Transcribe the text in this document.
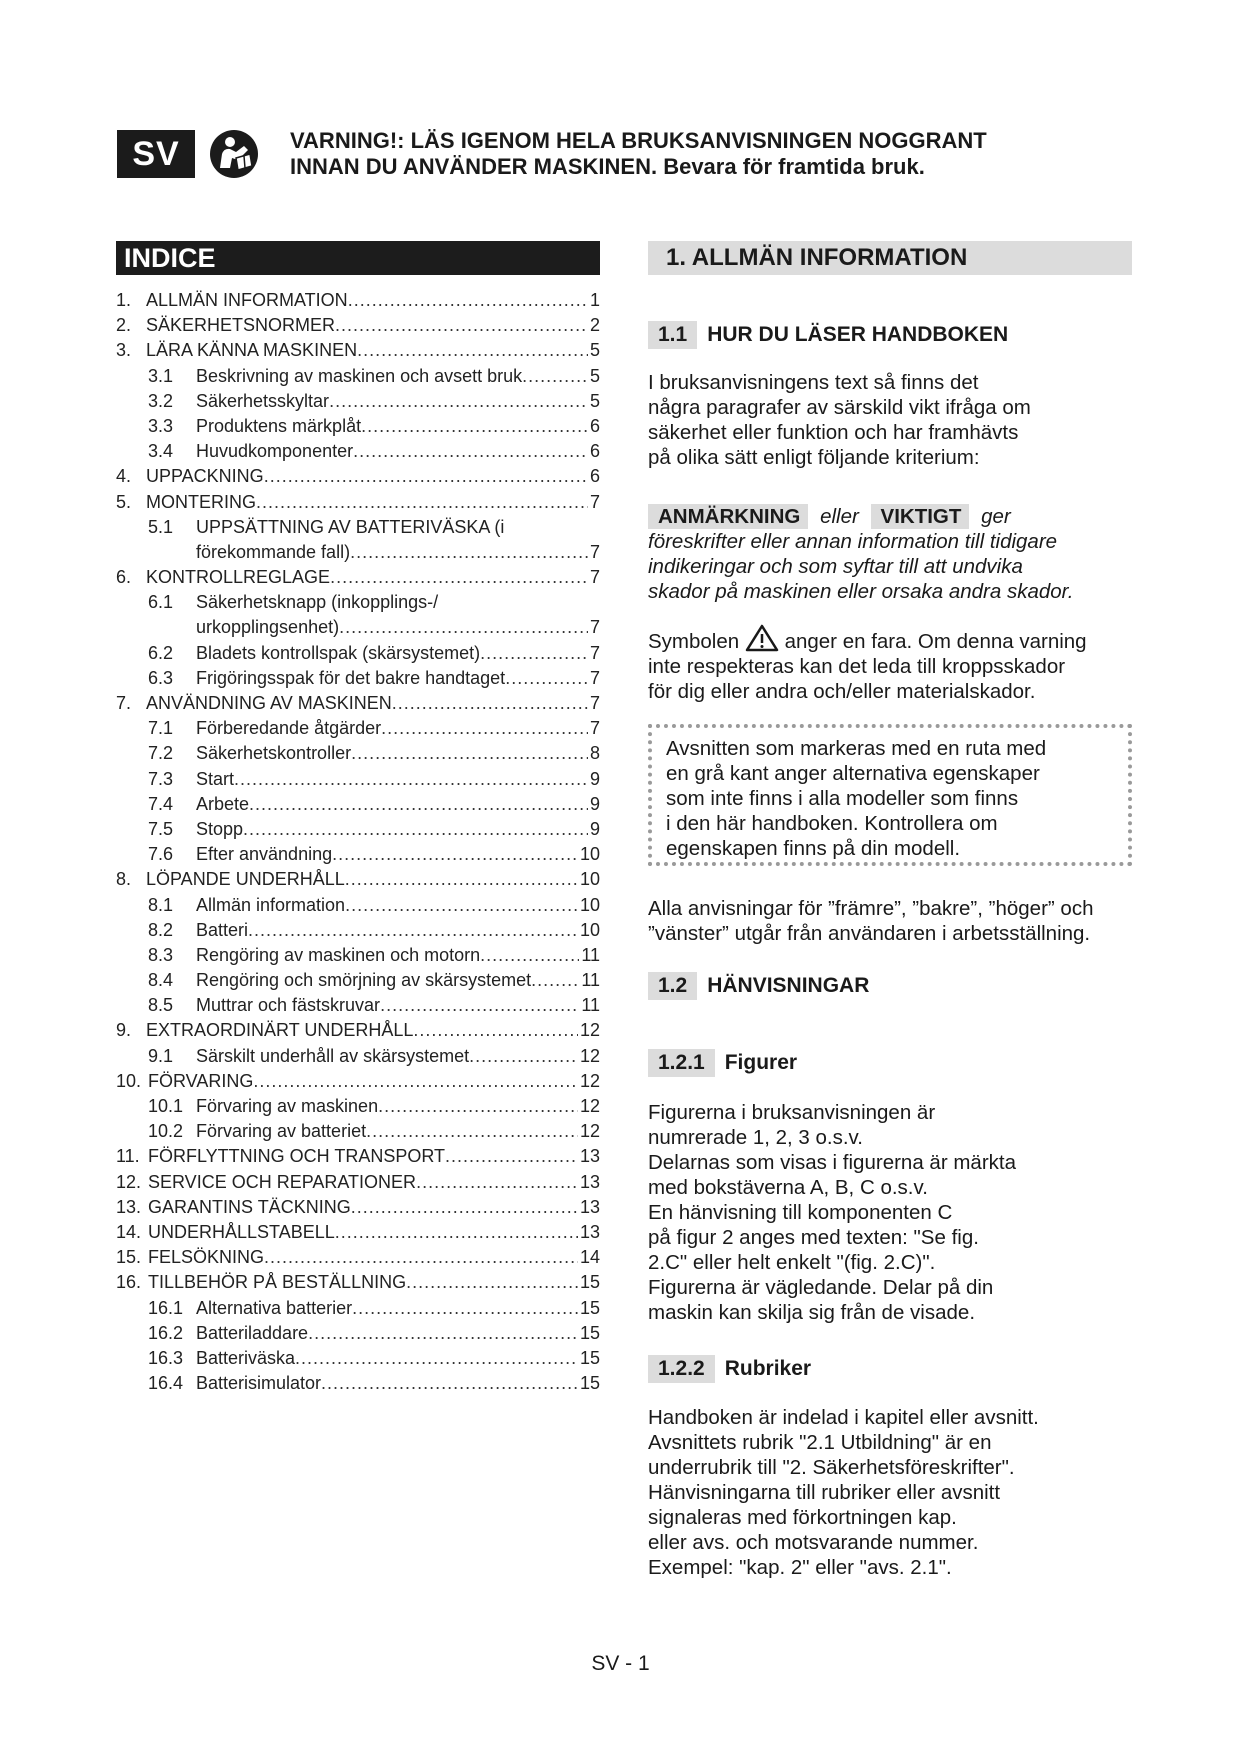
SV	VARNING!: LÄS IGENOM HELA BRUKSANVISNINGEN NOGGRANT
INNAN DU ANVÄNDER MASKINEN. Bevara för framtida bruk.
INDICE
1. ALLMÄN INFORMATION .....	1
2. SÄKERHETSNORMER .....	2
3. LÄRA KÄNNA MASKINEN .....	5
3.1	Beskrivning av maskinen och avsett bruk .....	5
3.2	Säkerhetsskyltar .....	5
3.3	Produktens märkplåt .....	6
3.4	Huvudkomponenter .....	6
4. UPPACKNING .....	6
5. MONTERING .....	7
5.1	UPPSÄTTNING AV BATTERIVÄSKA (i
förekommande fall) .....	7
6. KONTROLLREGLAGE .....	7
6.1	Säkerhetsknapp (inkopplings-/
urkopplingsenhet) .....	7
6.2	Bladets kontrollspak (skärsystemet) .....	7
6.3	Frigöringsspak för det bakre handtaget .....	7
7. ANVÄNDNING AV MASKINEN .....	7
7.1	Förberedande åtgärder .....	7
7.2	Säkerhetskontroller .....	8
7.3	Start .....	9
7.4	Arbete .....	9
7.5	Stopp .....	9
7.6	Efter användning .....	10
8. LÖPANDE UNDERHÅLL .....	10
8.1	Allmän information .....	10
8.2	Batteri .....	10
8.3	Rengöring av maskinen och motorn .....	11
8.4	Rengöring och smörjning av skärsystemet .....	11
8.5	Muttrar och fästskruvar .....	11
9. EXTRAORDINÄRT UNDERHÅLL .....	12
9.1	Särskilt underhåll av skärsystemet .....	12
10. FÖRVARING .....	12
10.1 Förvaring av maskinen .....	12
10.2 Förvaring av batteriet .....	12
11. FÖRFLYTTNING OCH TRANSPORT .....	13
12. SERVICE OCH REPARATIONER .....	13
13. GARANTINS TÄCKNING .....	13
14. UNDERHÅLLSTABELL .....	13
15. FELSÖKNING .....	14
16. TILLBEHÖR PÅ BESTÄLLNING .....	15
16.1 Alternativa batterier .....	15
16.2 Batteriladdare .....	15
16.3 Batteriväska .....	15
16.4 Batterisimulator .....	15
1. ALLMÄN INFORMATION
1.1 HUR DU LÄSER HANDBOKEN
I bruksanvisningens text så finns det
några paragrafer av särskild vikt ifråga om
säkerhet eller funktion och har framhävts
på olika sätt enligt följande kriterium:
ANMÄRKNING eller VIKTIGT ger
föreskrifter eller annan information till tidigare
indikeringar och som syftar till att undvika
skador på maskinen eller orsaka andra skador.
Symbolen anger en fara. Om denna varning
inte respekteras kan det leda till kroppsskador
för dig eller andra och/eller materialskador.
Avsnitten som markeras med en ruta med
en grå kant anger alternativa egenskaper
som inte finns i alla modeller som finns
i den här handboken. Kontrollera om
egenskapen finns på din modell.
Alla anvisningar för ”främre”, ”bakre”, ”höger” och
”vänster” utgår från användaren i arbetsställning.
1.2 HÄNVISNINGAR
1.2.1 Figurer
Figurerna i bruksanvisningen är
numrerade 1, 2, 3 o.s.v.
Delarnas som visas i figurerna är märkta
med bokstäverna A, B, C o.s.v.
En hänvisning till komponenten C
på figur 2 anges med texten: "Se fig.
2.C" eller helt enkelt "(fig. 2.C)".
Figurerna är vägledande. Delar på din
maskin kan skilja sig från de visade.
1.2.2 Rubriker
Handboken är indelad i kapitel eller avsnitt.
Avsnittets rubrik "2.1 Utbildning" är en
underrubrik till "2. Säkerhetsföreskrifter".
Hänvisningarna till rubriker eller avsnitt
signaleras med förkortningen kap.
eller avs. och motsvarande nummer.
Exempel: "kap. 2" eller "avs. 2.1".
SV - 1
